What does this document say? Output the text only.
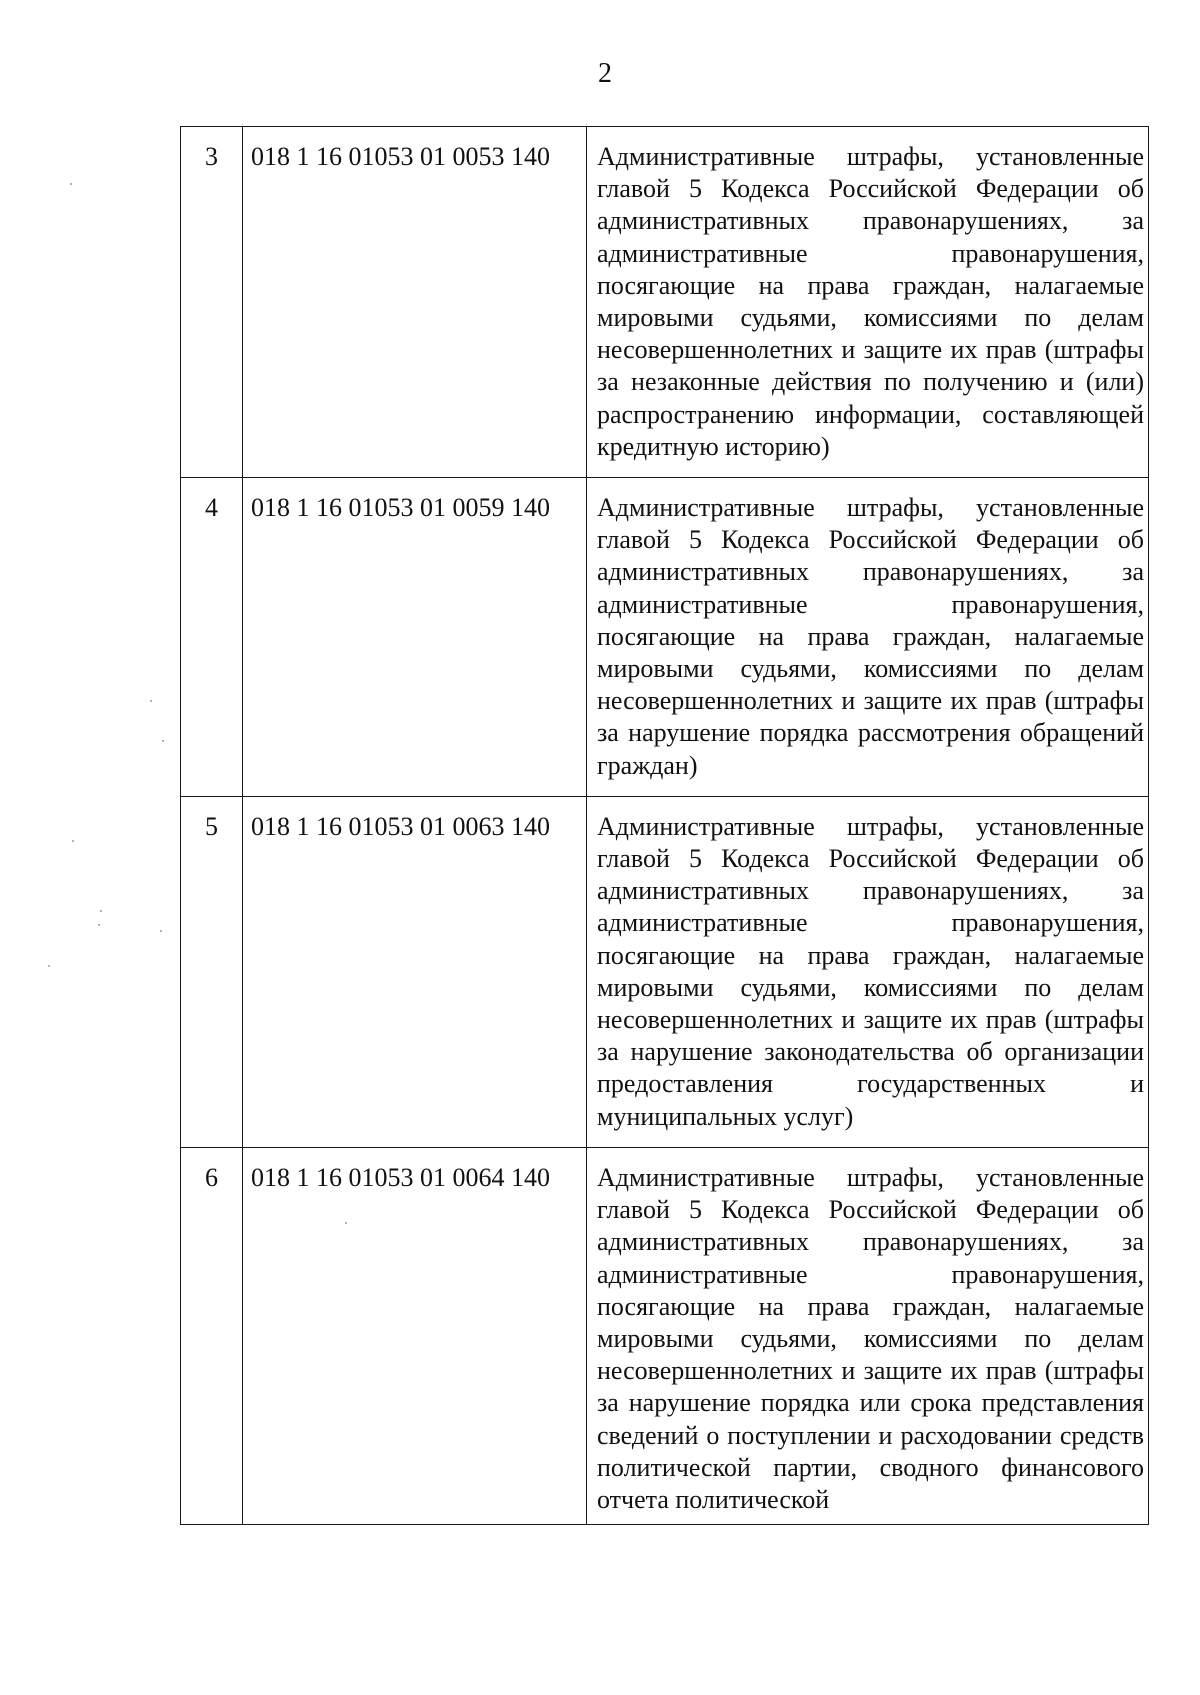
2
3	018 1 16 01053 01 0053 140	Административные штрафы, установленные главой 5 Кодекса Российской Федерации об административных правонарушениях, за административные правонарушения, посягающие на права граждан, налагаемые мировыми судьями, комиссиями по делам несовершеннолетних и защите их прав (штрафы за незаконные действия по получению и (или) распространению информации, составляющей кредитную историю)
4	018 1 16 01053 01 0059 140	Административные штрафы, установленные главой 5 Кодекса Российской Федерации об административных правонарушениях, за административные правонарушения, посягающие на права граждан, налагаемые мировыми судьями, комиссиями по делам несовершеннолетних и защите их прав (штрафы за нарушение порядка рассмотрения обращений граждан)
5	018 1 16 01053 01 0063 140	Административные штрафы, установленные главой 5 Кодекса Российской Федерации об административных правонарушениях, за административные правонарушения, посягающие на права граждан, налагаемые мировыми судьями, комиссиями по делам несовершеннолетних и защите их прав (штрафы за нарушение законодательства об организации предоставления государственных и муниципальных услуг)
6	018 1 16 01053 01 0064 140	Административные штрафы, установленные главой 5 Кодекса Российской Федерации об административных правонарушениях, за административные правонарушения, посягающие на права граждан, налагаемые мировыми судьями, комиссиями по делам несовершеннолетних и защите их прав (штрафы за нарушение порядка или срока представления сведений о поступлении и расходовании средств политической партии, сводного финансового отчета политической
